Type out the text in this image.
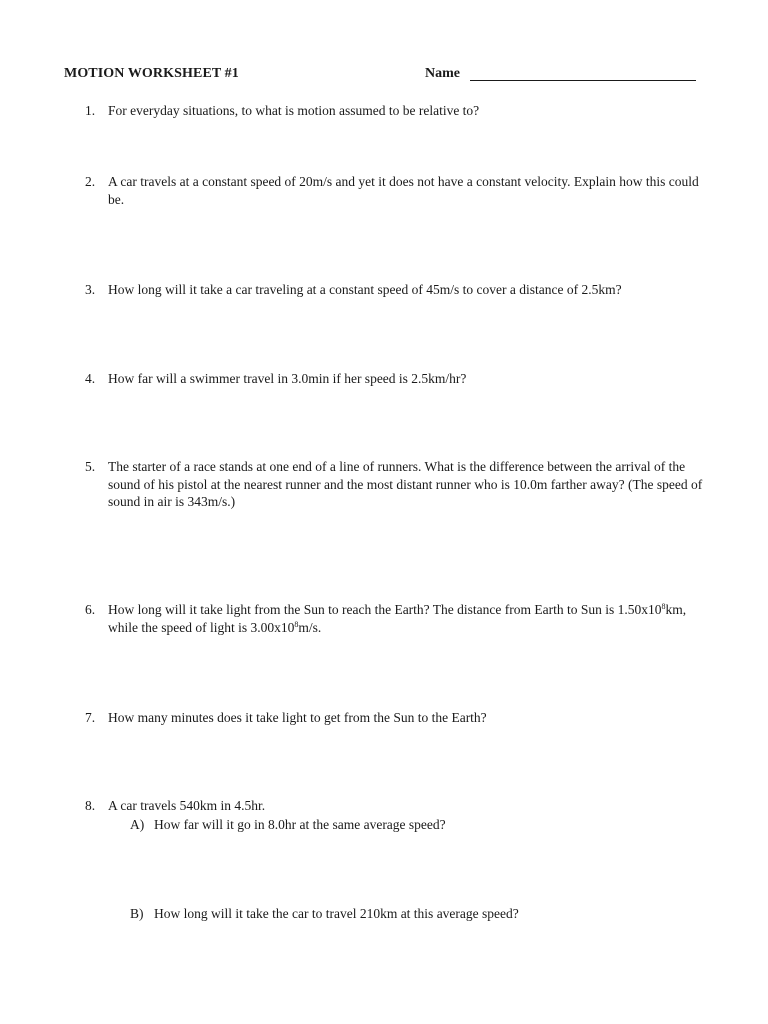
MOTION WORKSHEET #1	Name
1. For everyday situations, to what is motion assumed to be relative to?
2. A car travels at a constant speed of 20m/s and yet it does not have a constant velocity. Explain how this could be.
3. How long will it take a car traveling at a constant speed of 45m/s to cover a distance of 2.5km?
4. How far will a swimmer travel in 3.0min if her speed is 2.5km/hr?
5. The starter of a race stands at one end of a line of runners. What is the difference between the arrival of the sound of his pistol at the nearest runner and the most distant runner who is 10.0m farther away? (The speed of sound in air is 343m/s.)
6. How long will it take light from the Sun to reach the Earth? The distance from Earth to Sun is $1.50x10^8km$, while the speed of light is $3.00x10^8m/s$.
7. How many minutes does it take light to get from the Sun to the Earth?
8. A car travels 540km in 4.5hr.
A) How far will it go in 8.0hr at the same average speed?
B) How long will it take the car to travel 210km at this average speed?
